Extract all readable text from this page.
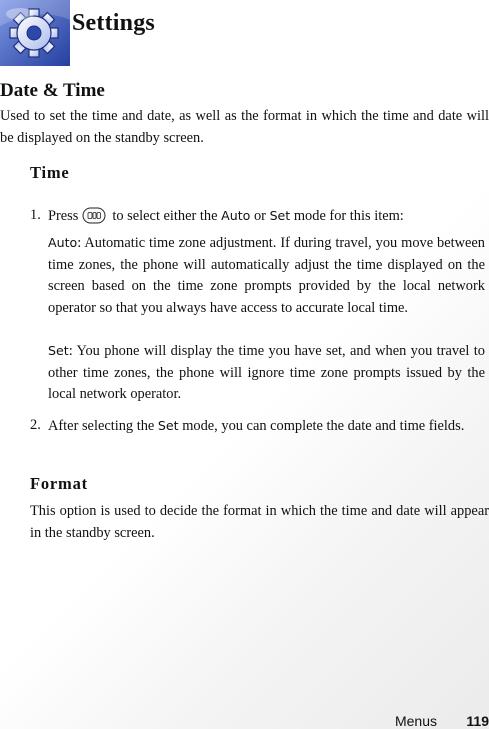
Settings
Date & Time
Used to set the time and date, as well as the format in which the time and date will be displayed on the standby screen.
Time
1. Press to select either the Auto or Set mode for this item:
Auto: Automatic time zone adjustment. If during travel, you move between time zones, the phone will automatically adjust the time displayed on the screen based on the time zone prompts provided by the local network operator so that you always have access to accurate local time.
Set: You phone will display the time you have set, and when you travel to other time zones, the phone will ignore time zone prompts issued by the local network operator.
2. After selecting the Set mode, you can complete the date and time fields.
Format
This option is used to decide the format in which the time and date will appear in the standby screen.
Menus 119
